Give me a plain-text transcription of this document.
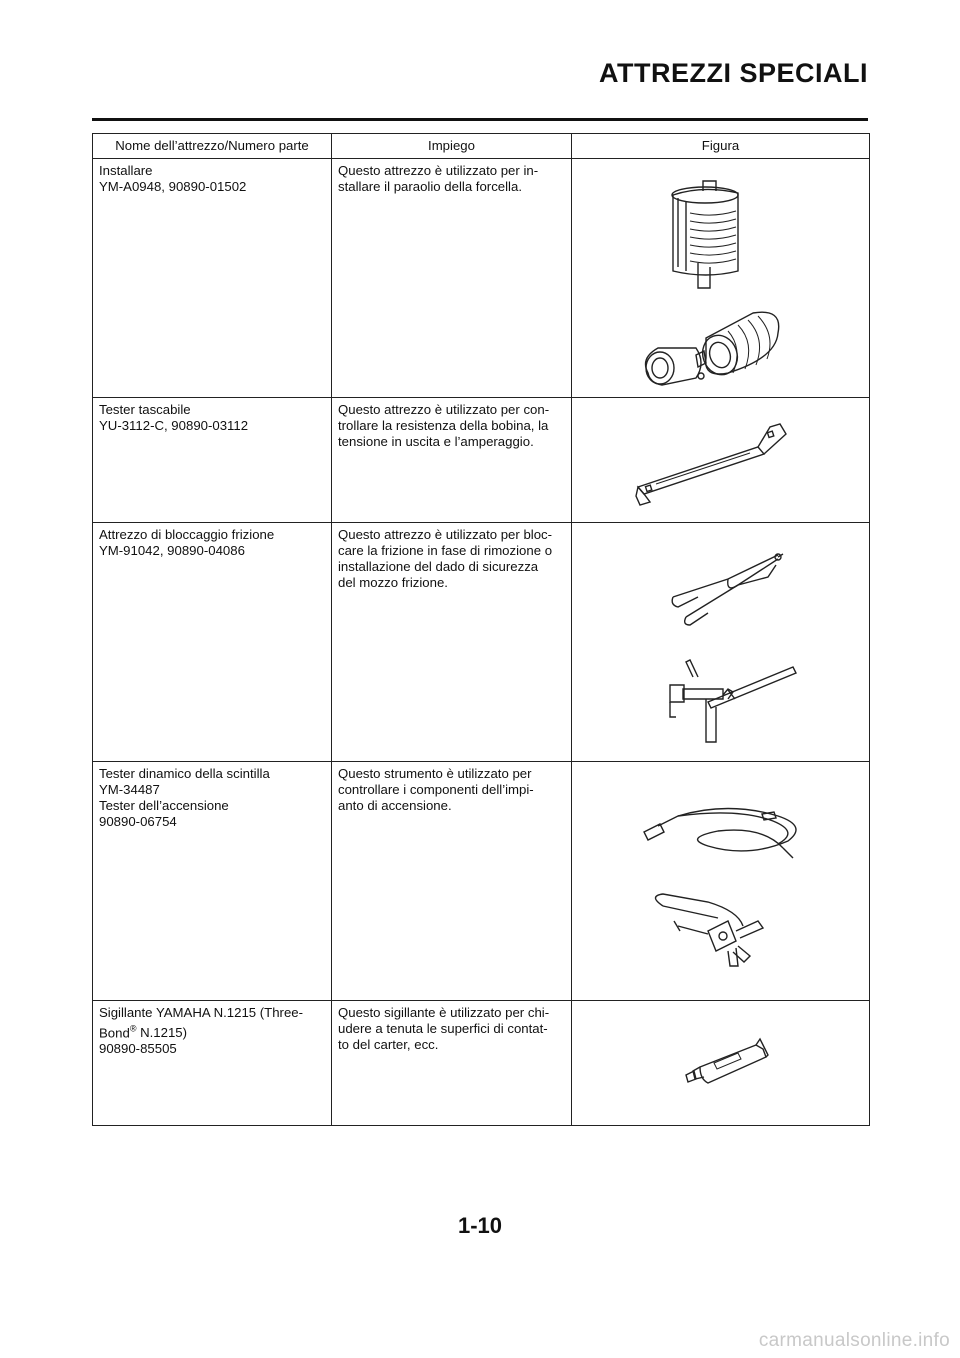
ATTREZZI SPECIALI
Nome dell’attrezzo/Numero parte	Impiego	Figura

Installare
YM-A0948, 90890-01502	Questo attrezzo è utilizzato per in-
stallare il paraolio della forcella.

Tester tascabile
YU-3112-C, 90890-03112	Questo attrezzo è utilizzato per con-
trollare la resistenza della bobina, la
tensione in uscita e l’amperaggio.

Attrezzo di bloccaggio frizione
YM-91042, 90890-04086	Questo attrezzo è utilizzato per bloc-
care la frizione in fase di rimozione o
installazione del dado di sicurezza
del mozzo frizione.

Tester dinamico della scintilla
YM-34487
Tester dell’accensione
90890-06754	Questo strumento è utilizzato per
controllare i componenti dell’impi-
anto di accensione.

Sigillante YAMAHA N.1215 (Three-
Bond® N.1215)
90890-85505	Questo sigillante è utilizzato per chi-
udere a tenuta le superfici di contat-
to del carter, ecc.

1-10
carmanualsonline.info
